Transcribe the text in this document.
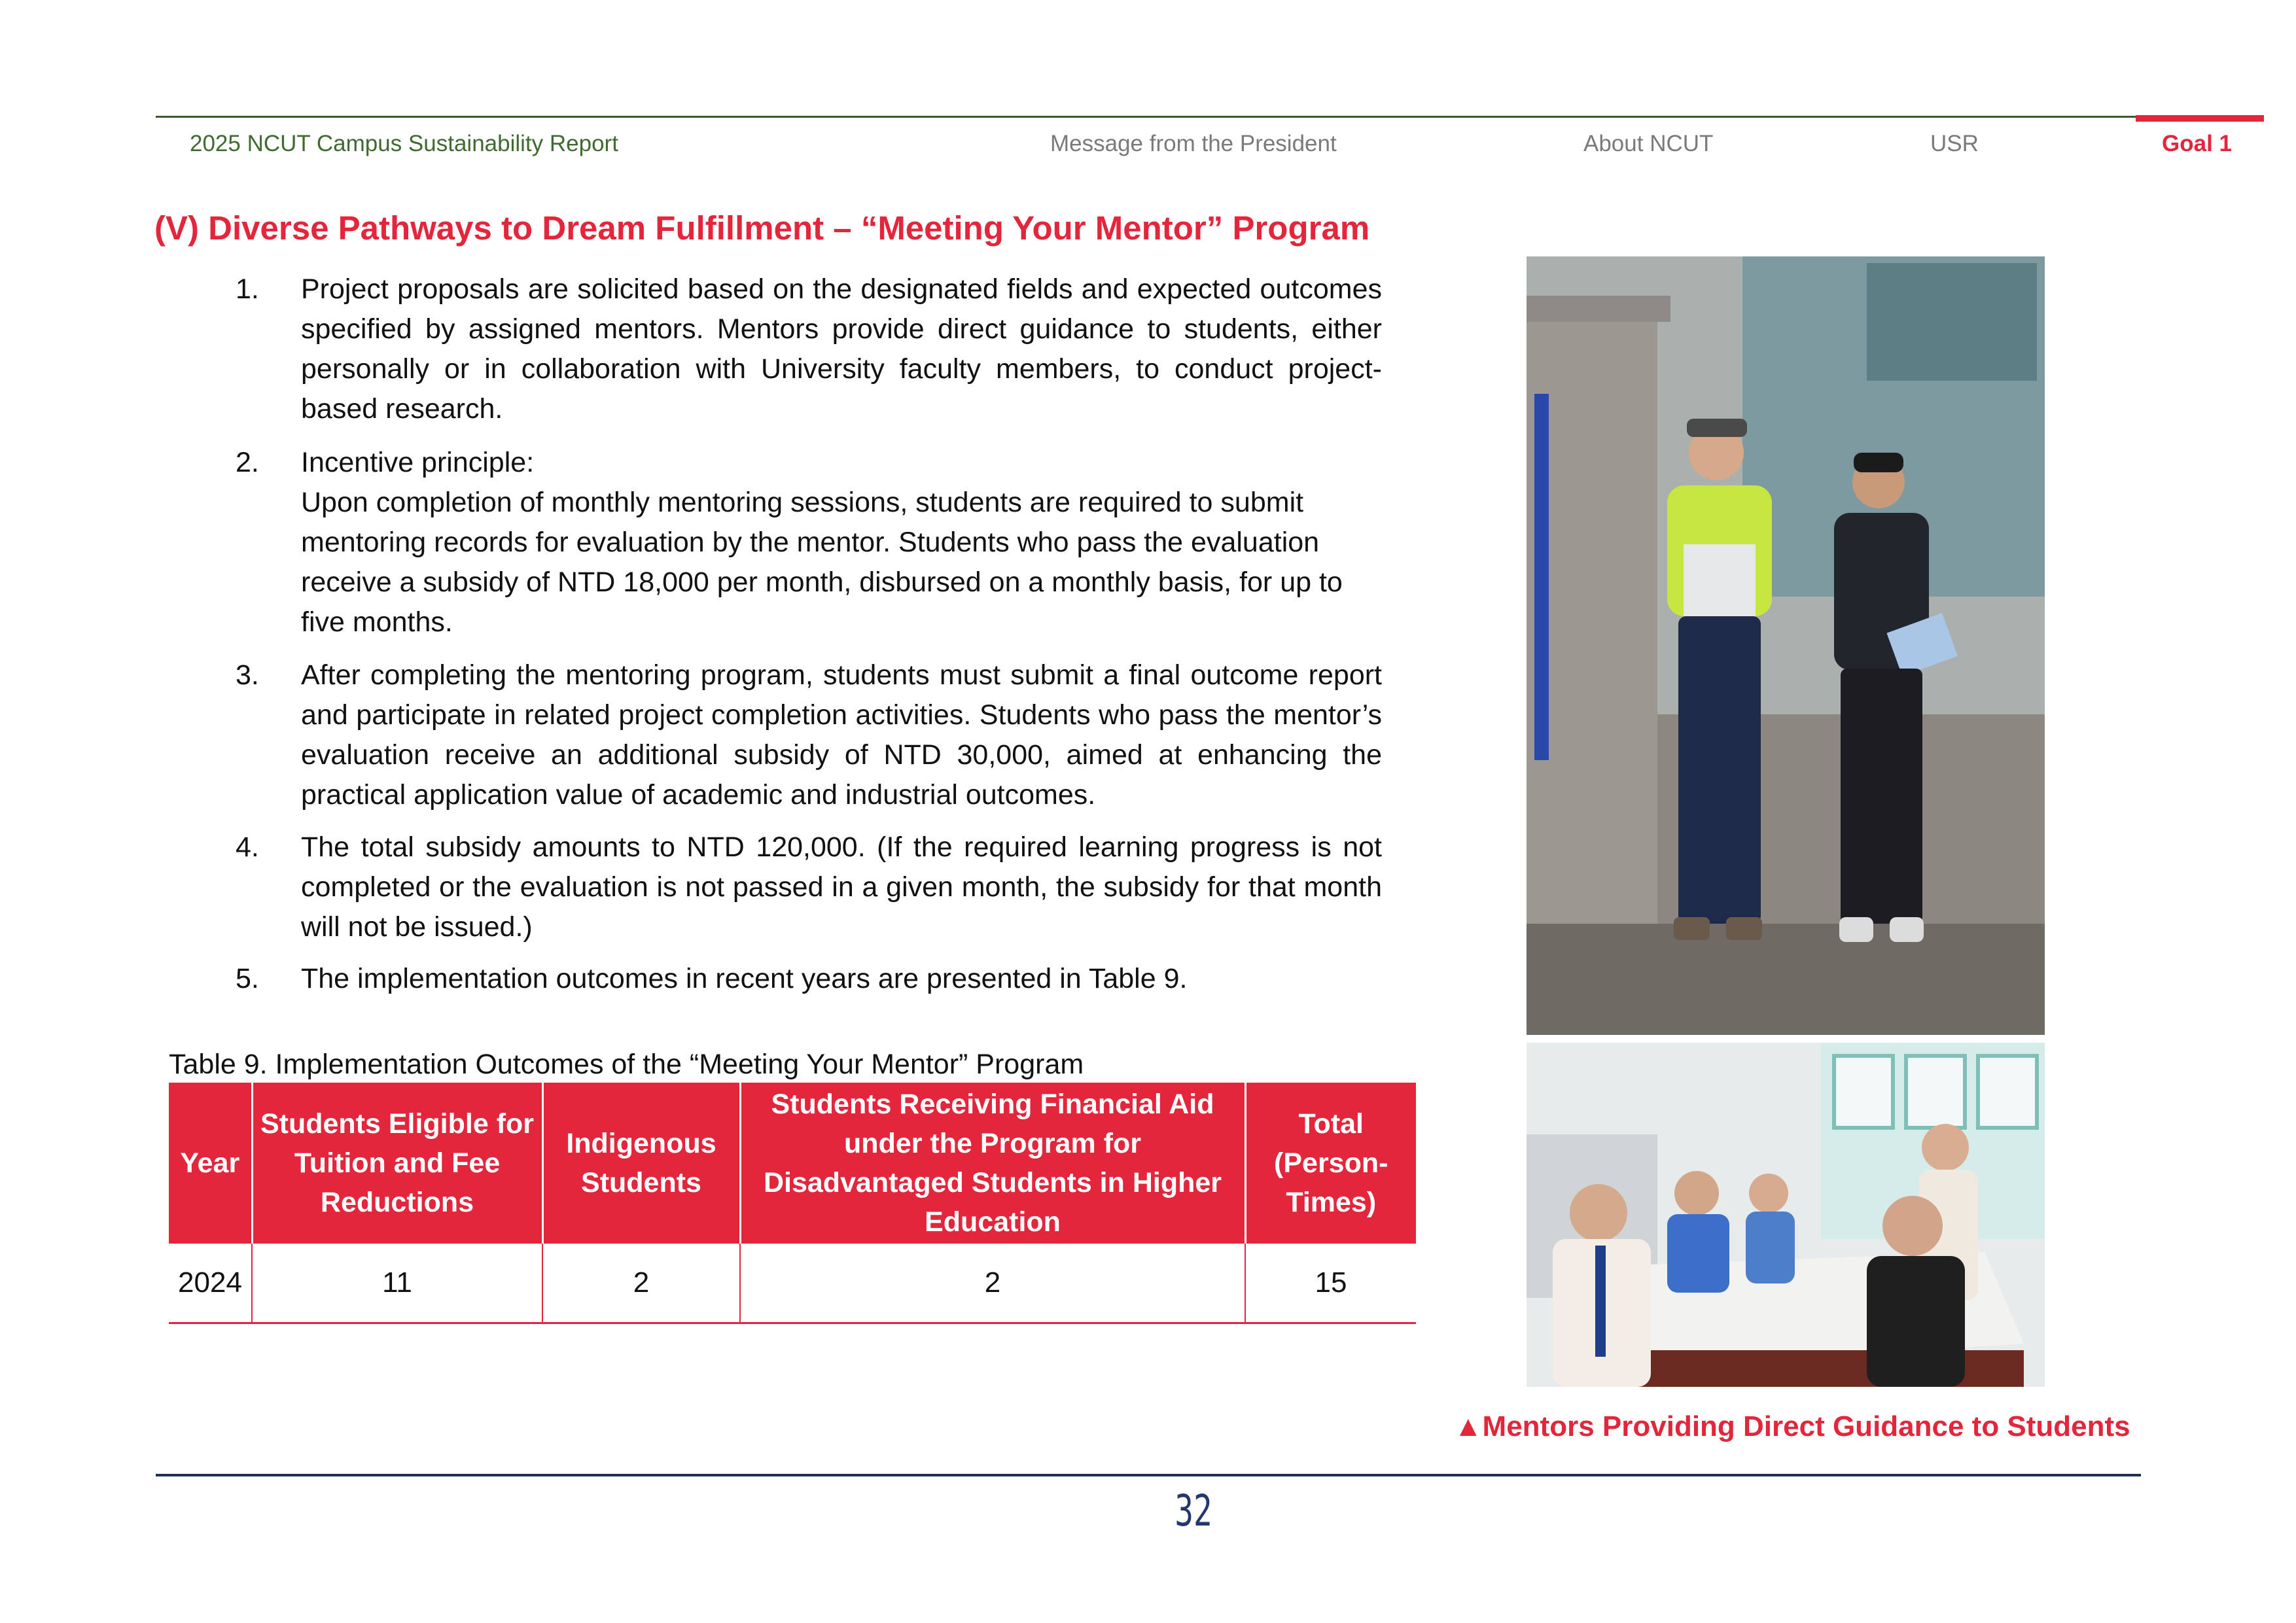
2025 NCUT Campus Sustainability Report	Message from the President	About NCUT	USR	Goal 1
(V) Diverse Pathways to Dream Fulfillment – “Meeting Your Mentor” Program
1.	Project proposals are solicited based on the designated fields and expected outcomes specified by assigned mentors. Mentors provide direct guidance to students, either personally or in collaboration with University faculty members, to conduct project-based research.
2.	Incentive principle:
Upon completion of monthly mentoring sessions, students are required to submit mentoring records for evaluation by the mentor. Students who pass the evaluation receive a subsidy of NTD 18,000 per month, disbursed on a monthly basis, for up to five months.
3.	After completing the mentoring program, students must submit a final outcome report and participate in related project completion activities. Students who pass the mentor’s evaluation receive an additional subsidy of NTD 30,000, aimed at enhancing the practical application value of academic and industrial outcomes.
4.	The total subsidy amounts to NTD 120,000. (If the required learning progress is not completed or the evaluation is not passed in a given month, the subsidy for that month will not be issued.)
5.	The implementation outcomes in recent years are presented in Table 9.
Table 9. Implementation Outcomes of the “Meeting Your Mentor” Program
Year	Students Eligible for Tuition and Fee Reductions	Indigenous Students	Students Receiving Financial Aid under the Program for Disadvantaged Students in Higher Education	Total (Person-Times)
2024	11	2	2	15
▲Mentors Providing Direct Guidance to Students
32
